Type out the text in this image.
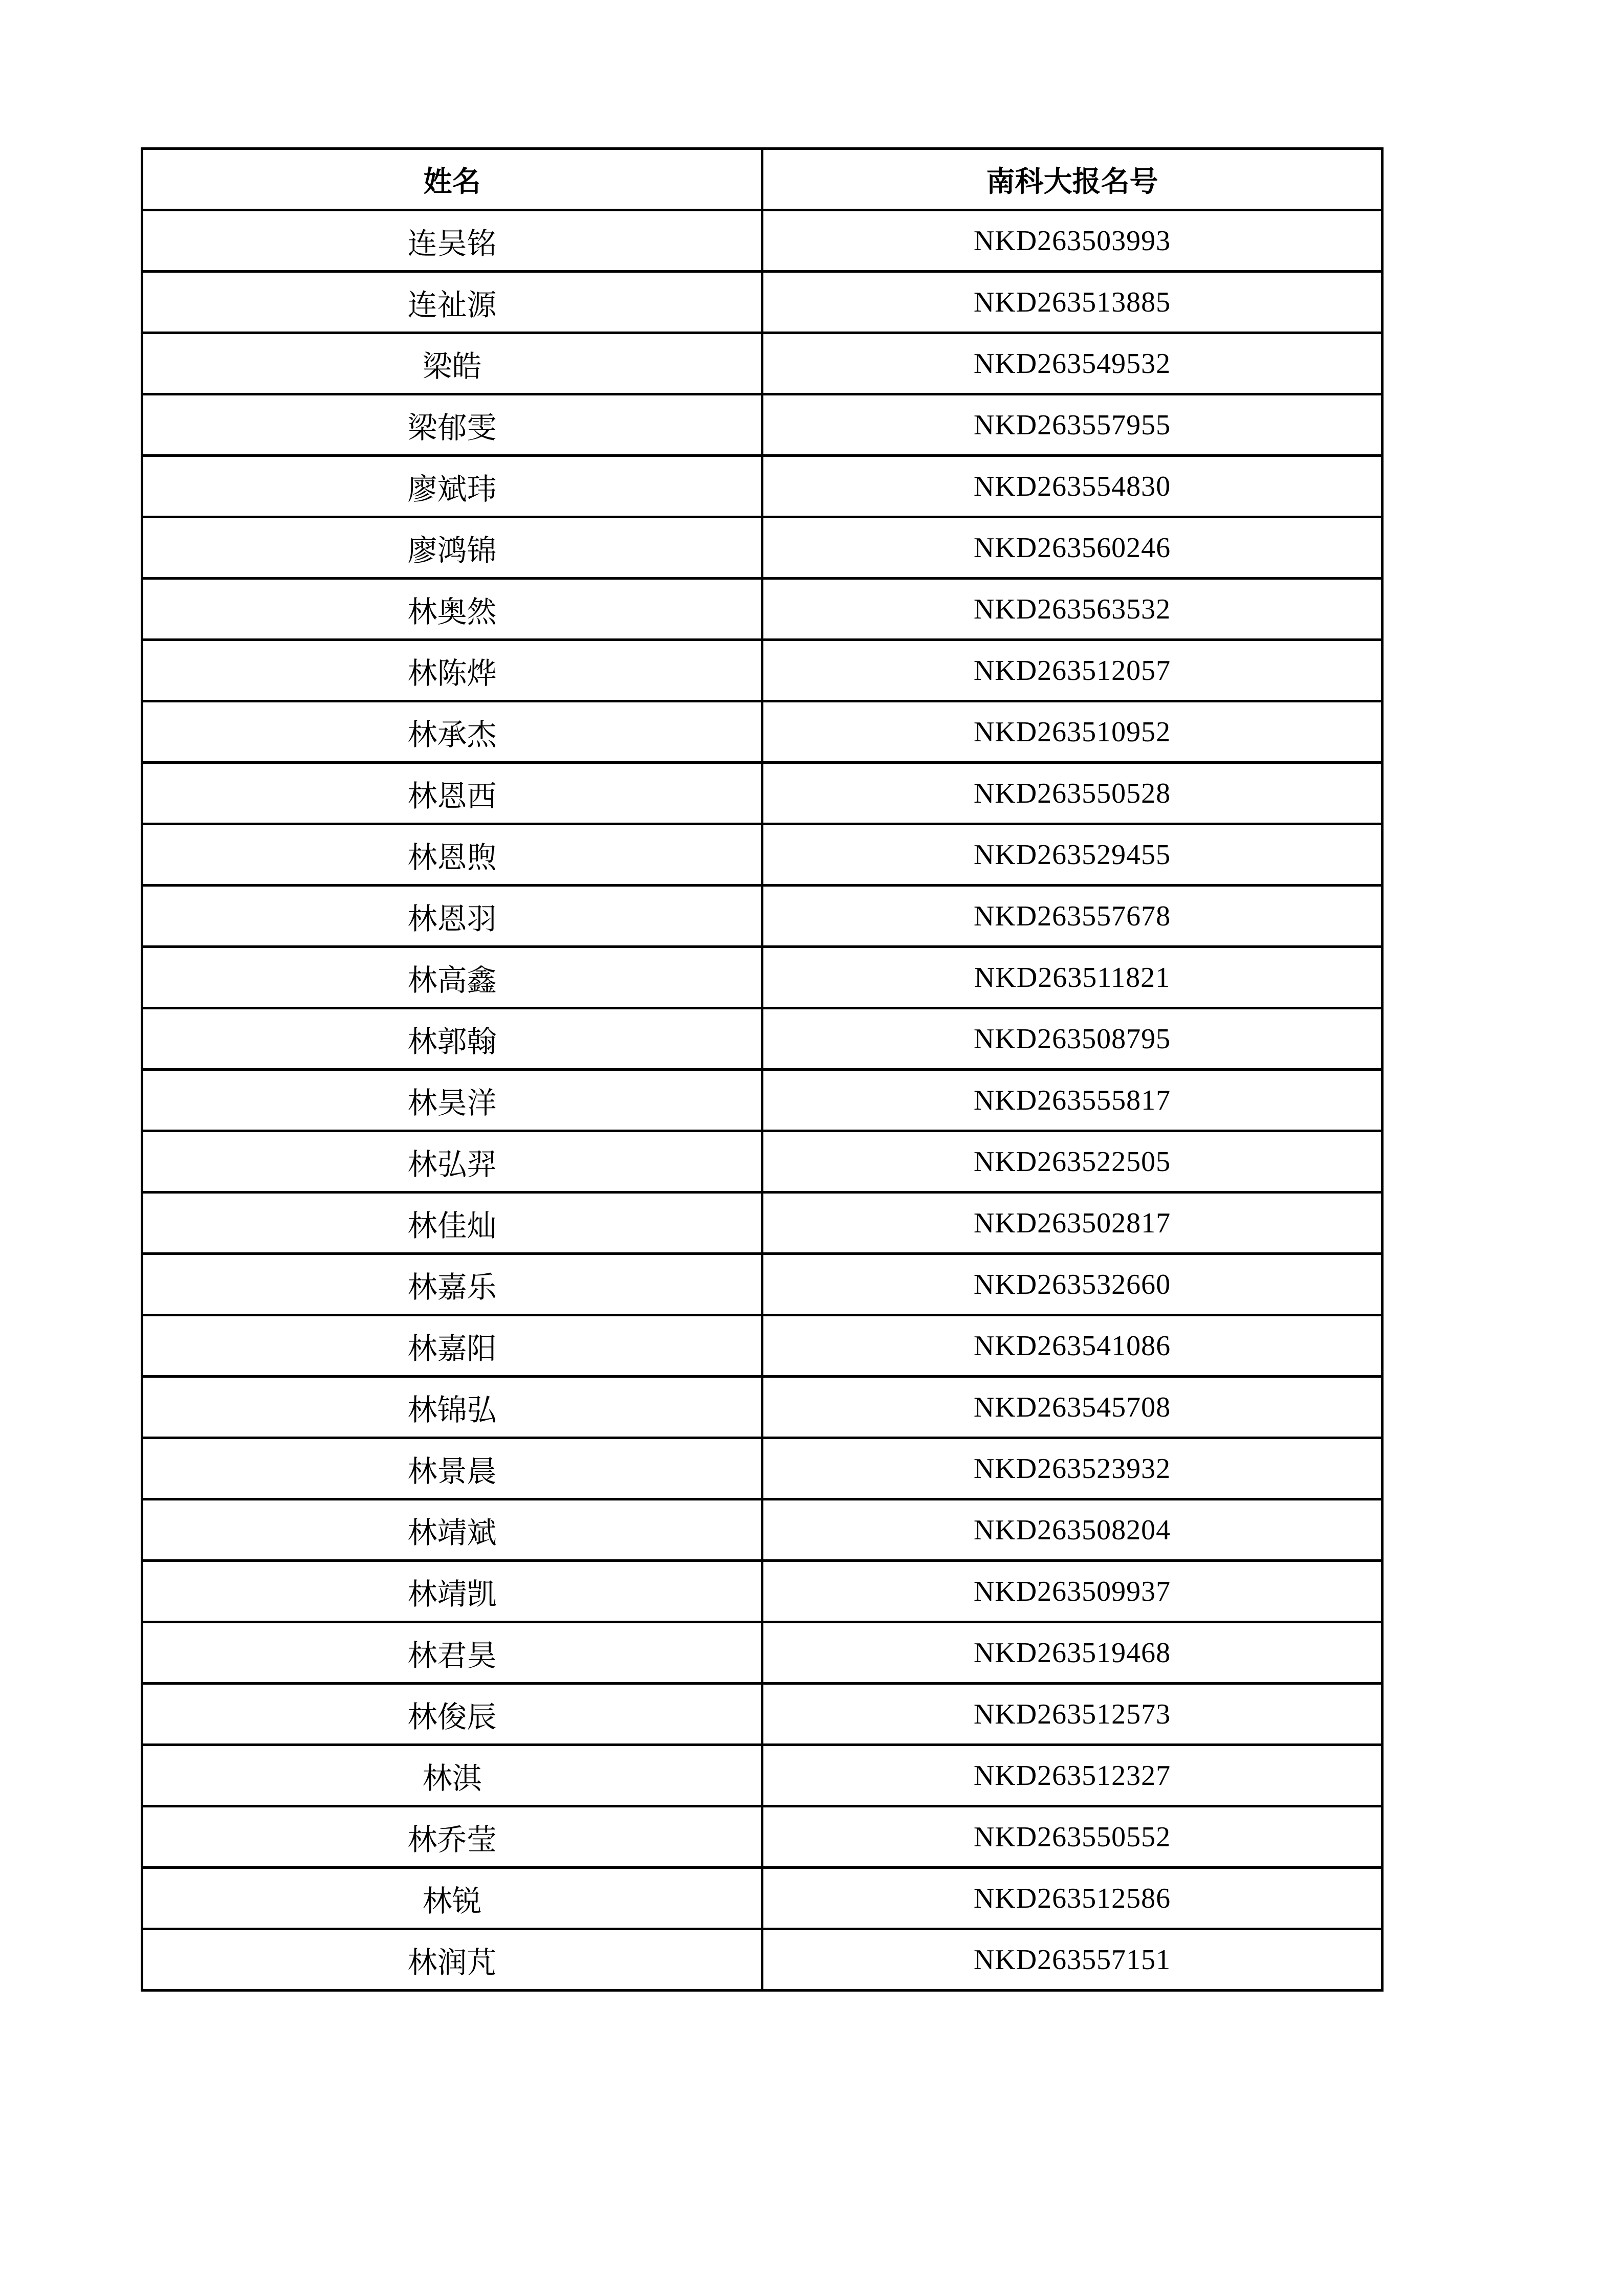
姓名	南科大报名号
连吴铭	NKD263503993
连祉源	NKD263513885
梁皓	NKD263549532
梁郁雯	NKD263557955
廖斌玮	NKD263554830
廖鸿锦	NKD263560246
林奥然	NKD263563532
林陈烨	NKD263512057
林承杰	NKD263510952
林恩西	NKD263550528
林恩煦	NKD263529455
林恩羽	NKD263557678
林高鑫	NKD263511821
林郭翰	NKD263508795
林昊洋	NKD263555817
林弘羿	NKD263522505
林佳灿	NKD263502817
林嘉乐	NKD263532660
林嘉阳	NKD263541086
林锦弘	NKD263545708
林景晨	NKD263523932
林靖斌	NKD263508204
林靖凯	NKD263509937
林君昊	NKD263519468
林俊辰	NKD263512573
林淇	NKD263512327
林乔莹	NKD263550552
林锐	NKD263512586
林润芃	NKD263557151
